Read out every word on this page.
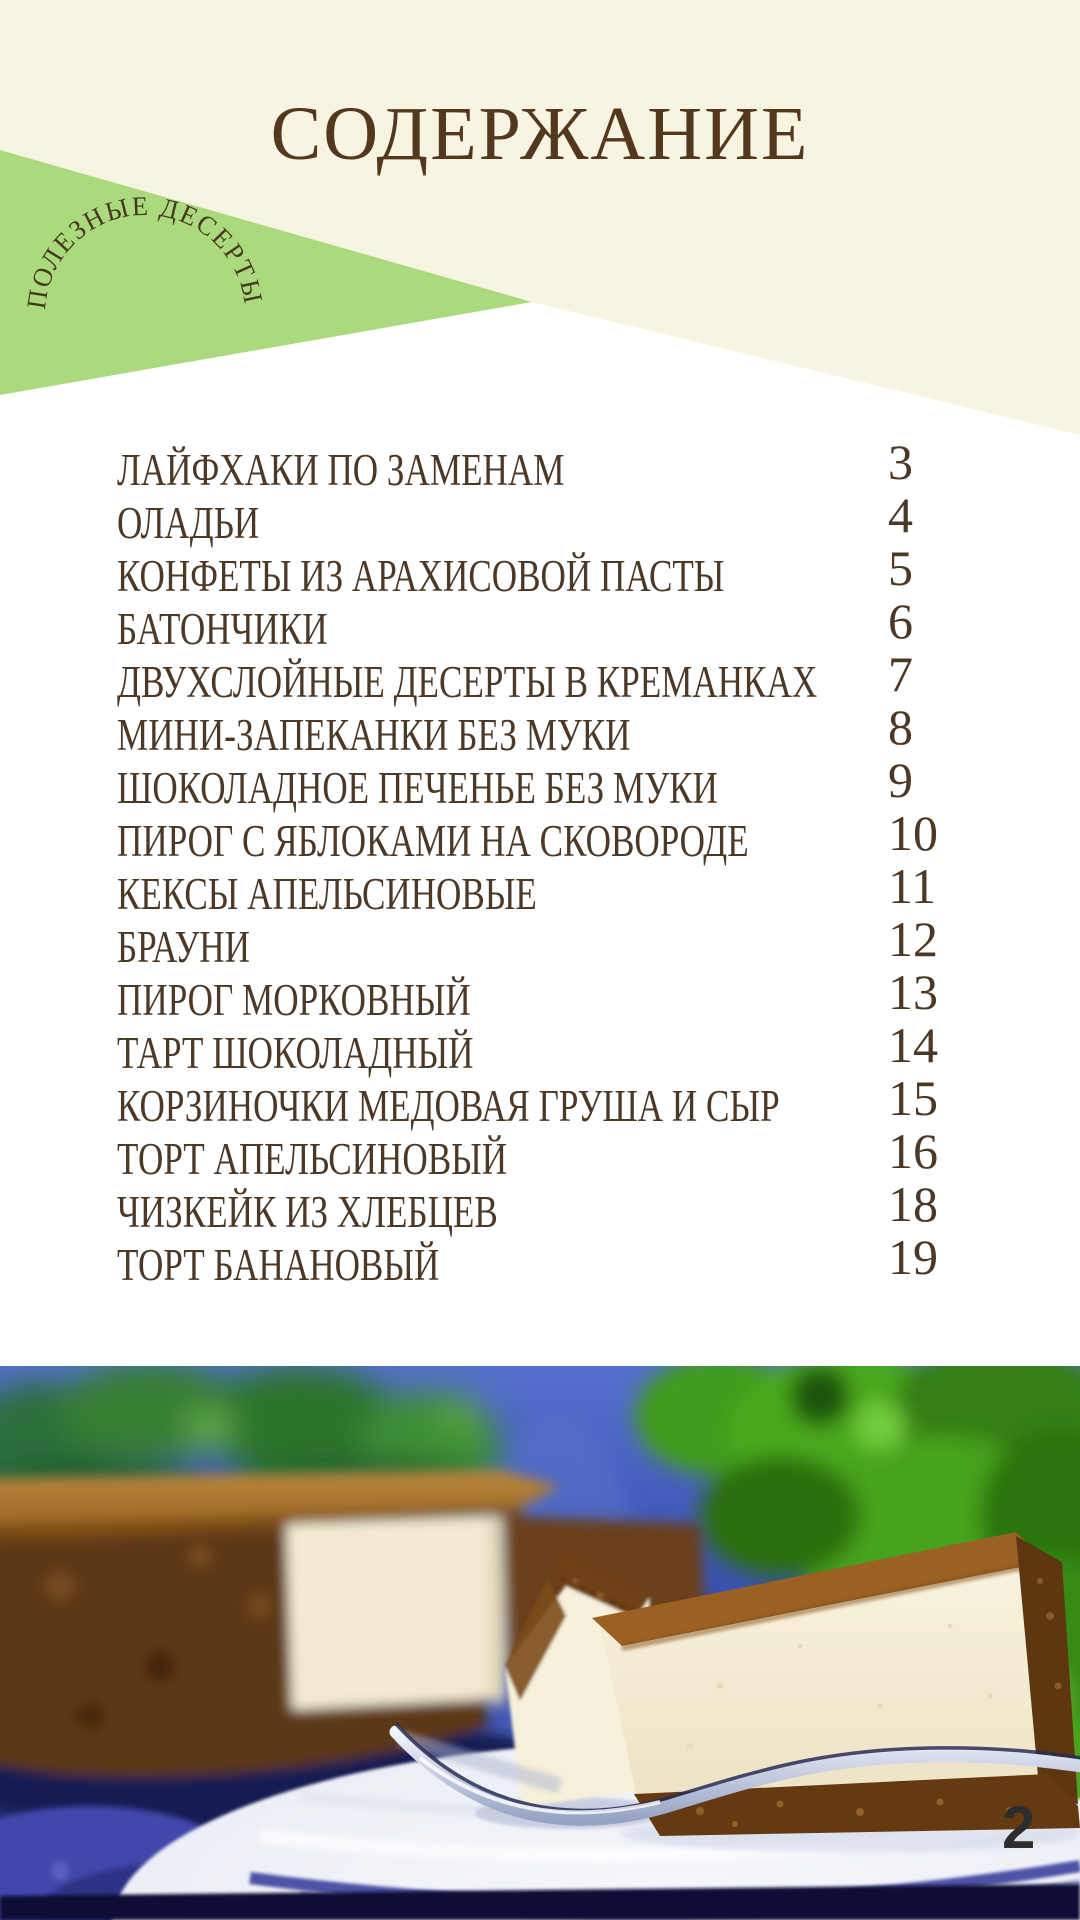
ПОЛЕЗНЫЕ ДЕСЕРТЫ
СОДЕРЖАНИЕ
ЛАЙФХАКИ ПО ЗАМЕНАМ	3
ОЛАДЬИ	4
КОНФЕТЫ ИЗ АРАХИСОВОЙ ПАСТЫ	5
БАТОНЧИКИ	6
ДВУХСЛОЙНЫЕ ДЕСЕРТЫ В КРЕМАНКАХ 7
МИНИ-ЗАПЕКАНКИ БЕЗ МУКИ	8
ШОКОЛАДНОЕ ПЕЧЕНЬЕ БЕЗ МУКИ	9
ПИРОГ С ЯБЛОКАМИ НА СКОВОРОДЕ	10
КЕКСЫ АПЕЛЬСИНОВЫЕ	11
БРАУНИ	12
ПИРОГ МОРКОВНЫЙ	13
ТАРТ ШОКОЛАДНЫЙ	14
КОРЗИНОЧКИ МЕДОВАЯ ГРУША И СЫР 15
ТОРТ АПЕЛЬСИНОВЫЙ	16
ЧИЗКЕЙК ИЗ ХЛЕБЦЕВ	18
ТОРТ БАНАНОВЫЙ	19
2
